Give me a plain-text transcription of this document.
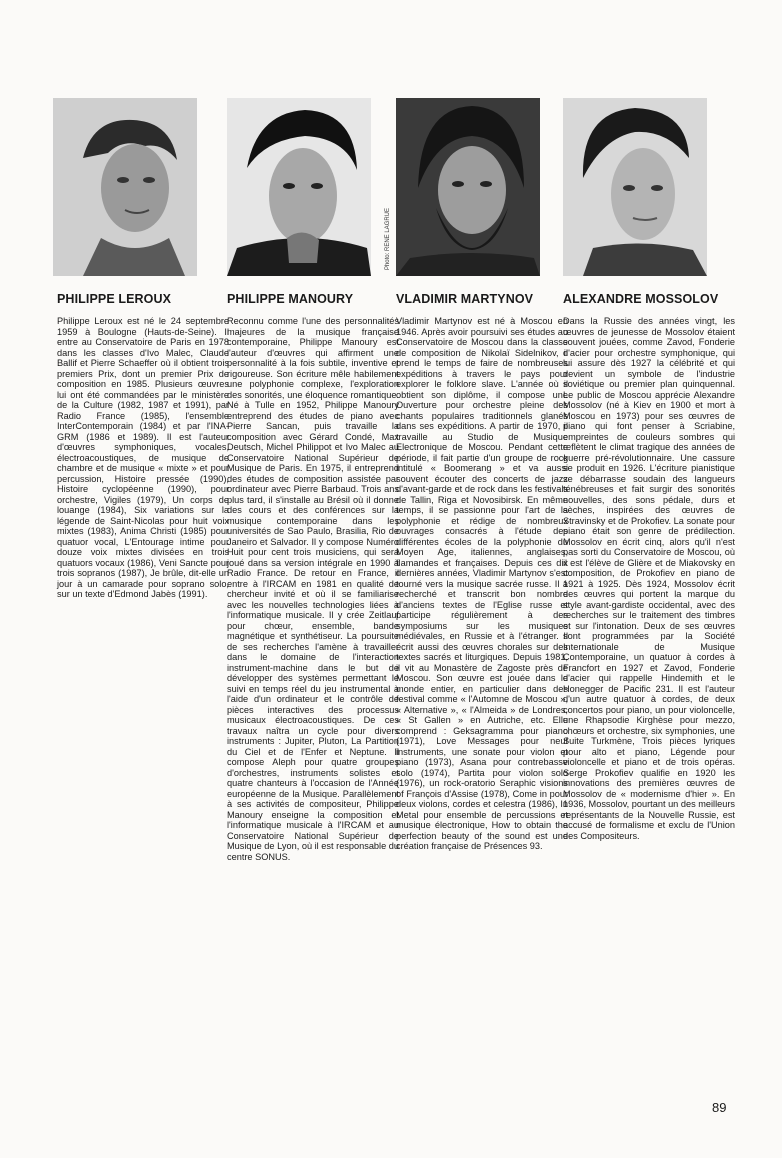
PHILIPPE LEROUX
Philippe Leroux est né le 24 septembre 1959 à Boulogne (Hauts-de-Seine). Il entre au Conservatoire de Paris en 1978 dans les classes d'Ivo Malec, Claude Ballif et Pierre Schaeffer où il obtient trois premiers Prix, dont un premier Prix de composition en 1985. Plusieurs œuvres lui ont été commandées par le ministère de la Culture (1982, 1987 et 1991), par Radio France (1985), l'ensemble InterContemporain (1984) et par l'INA-GRM (1986 et 1989). Il est l'auteur d'œuvres symphoniques, vocales, électroacoustiques, de musique de chambre et de musique « mixte » et pour percussion, Histoire pressée (1990), Histoire cyclopéenne (1990), pour orchestre, Vigiles (1979), Un corps de louange (1984), Six variations sur la légende de Saint-Nicolas pour huit voix mixtes (1983), Anima Christi (1985) pour quatuor vocal, L'Entourage intime pour douze voix mixtes divisées en trois quatuors vocaux (1986), Veni Sancte pour trois sopranos (1987), Je brûle, dit-elle un jour à un camarade pour soprano solo, sur un texte d'Edmond Jabès (1991).
Photo: RENE LAGRUE
PHILIPPE MANOURY
Reconnu comme l'une des personnalités majeures de la musique française contemporaine, Philippe Manoury est l'auteur d'œuvres qui affirment une personnalité à la fois subtile, inventive et rigoureuse. Son écriture mêle habilement une polyphonie complexe, l'exploration des sonorités, une éloquence romantique. Né à Tulle en 1952, Philippe Manoury entreprend des études de piano avec Pierre Sancan, puis travaille la composition avec Gérard Condé, Max Deutsch, Michel Philippot et Ivo Malec au Conservatoire National Supérieur de Musique de Paris. En 1975, il entreprend des études de composition assistée par ordinateur avec Pierre Barbaud. Trois ans plus tard, il s'installe au Brésil où il donne des cours et des conférences sur la musique contemporaine dans les universités de Sao Paulo, Brasilia, Rio de Janeiro et Salvador. Il y compose Numéro Huit pour cent trois musiciens, qui sera joué dans sa version intégrale en 1990 à Radio France. De retour en France, il entre à l'IRCAM en 1981 en qualité de chercheur invité et où il se familiarise avec les nouvelles technologies liées à l'informatique musicale. Il y crée Zeitlauf pour chœur, ensemble, bande magnétique et synthétiseur. La poursuite de ses recherches l'amène à travailler dans le domaine de l'interaction instrument-machine dans le but de développer des systèmes permettant le suivi en temps réel du jeu instrumental à l'aide d'un ordinateur et le contrôle de pièces interactives des processus musicaux électroacoustiques. De ces travaux naîtra un cycle pour divers instruments : Jupiter, Pluton, La Partition du Ciel et de l'Enfer et Neptune. Il compose Aleph pour quatre groupes d'orchestres, instruments solistes et quatre chanteurs à l'occasion de l'Année européenne de la Musique. Parallèlement à ses activités de compositeur, Philippe Manoury enseigne la composition et l'informatique musicale à l'IRCAM et au Conservatoire National Supérieur de Musique de Lyon, où il est responsable du centre SONUS.
VLADIMIR MARTYNOV
Vladimir Martynov est né à Moscou en 1946. Après avoir poursuivi ses études au Conservatoire de Moscou dans la classe de composition de Nikolaï Sidelnikov, il prend le temps de faire de nombreuses expéditions à travers le pays pour explorer le folklore slave. L'année où il obtient son diplôme, il compose une Ouverture pour orchestre pleine des chants populaires traditionnels glanés dans ses expéditions. A partir de 1970, il travaille au Studio de Musique Electronique de Moscou. Pendant cette période, il fait partie d'un groupe de rock intitulé « Boomerang » et va aussi souvent écouter des concerts de jazz d'avant-garde et de rock dans les festivals de Tallin, Riga et Novosibirsk. En même temps, il se passionne pour l'art de la polyphonie et rédige de nombreux ouvrages consacrés à l'étude des différentes écoles de la polyphonie du Moyen Age, italiennes, anglaises, flamandes et françaises. Depuis ces dix dernières années, Vladimir Martynov s'est tourné vers la musique sacrée russe. Il a recherché et transcrit bon nombre d'anciens textes de l'Eglise russe et participe régulièrement à des symposiums sur les musiques médiévales, en Russie et à l'étranger. Il écrit aussi des œuvres chorales sur des textes sacrés et liturgiques. Depuis 1981, il vit au Monastère de Zagoste près de Moscou. Son œuvre est jouée dans le monde entier, en particulier dans des festival comme « l'Automne de Moscou », « Alternative », « l'Almeida » de Londres, « St Gallen » en Autriche, etc. Elle comprend : Geksagramma pour piano (1971), Love Messages pour neuf instruments, une sonate pour violon et piano (1973), Asana pour contrebasse solo (1974), Partita pour violon solo (1976), un rock-oratorio Seraphic visions of François d'Assise (1978), Come in pour deux violons, cordes et celestra (1986), In Metal pour ensemble de percussions et musique électronique, How to obtain the perfection beauty of the sound est une création française de Présences 93.
ALEXANDRE MOSSOLOV
Dans la Russie des années vingt, les œuvres de jeunesse de Mossolov étaient souvent jouées, comme Zavod, Fonderie d'acier pour orchestre symphonique, qui lui assure dès 1927 la célébrité et qui devient un symbole de l'industrie soviétique ou premier plan quinquennal. Le public de Moscou apprécie Alexandre Mossolov (né à Kiev en 1900 et mort à Moscou en 1973) pour ses œuvres de piano qui font penser à Scriabine, empreintes de couleurs sombres qui reflètent le climat tragique des années de guerre pré-révolutionnaire. Une cassure se produit en 1926. L'écriture pianistique se débarrasse soudain des langueurs ténébreuses et fait surgir des sonorités nouvelles, des sons pédale, durs et sèches, inspirées des œuvres de Stravinsky et de Prokofiev. La sonate pour piano était son genre de prédilection. Mossolov en écrit cinq, alors qu'il n'est pas sorti du Conservatoire de Moscou, où il est l'élève de Glière et de Miakovsky en composition, de Prokofiev en piano de 1921 à 1925. Dès 1924, Mossolov écrit des œuvres qui portent la marque du style avant-gardiste occidental, avec des recherches sur le traitement des timbres et sur l'intonation. Deux de ses œuvres sont programmées par la Société Internationale de Musique Contemporaine, un quatuor à cordes à Francfort en 1927 et Zavod, Fonderie d'acier qui rappelle Hindemith et le Honegger de Pacific 231. Il est l'auteur d'un autre quatuor à cordes, de deux concertos pour piano, un pour violoncelle, une Rhapsodie Kirghèse pour mezzo, chœurs et orchestre, six symphonies, une Suite Turkmène, Trois pièces lyriques pour alto et piano, Légende pour violoncelle et piano et de trois opéras. Serge Prokofiev qualifie en 1920 les innovations des premières œuvres de Mossolov de « modernisme d'hier ». En 1936, Mossolov, pourtant un des meilleurs représentants de la Nouvelle Russie, est accusé de formalisme et exclu de l'Union des Compositeurs.
89
